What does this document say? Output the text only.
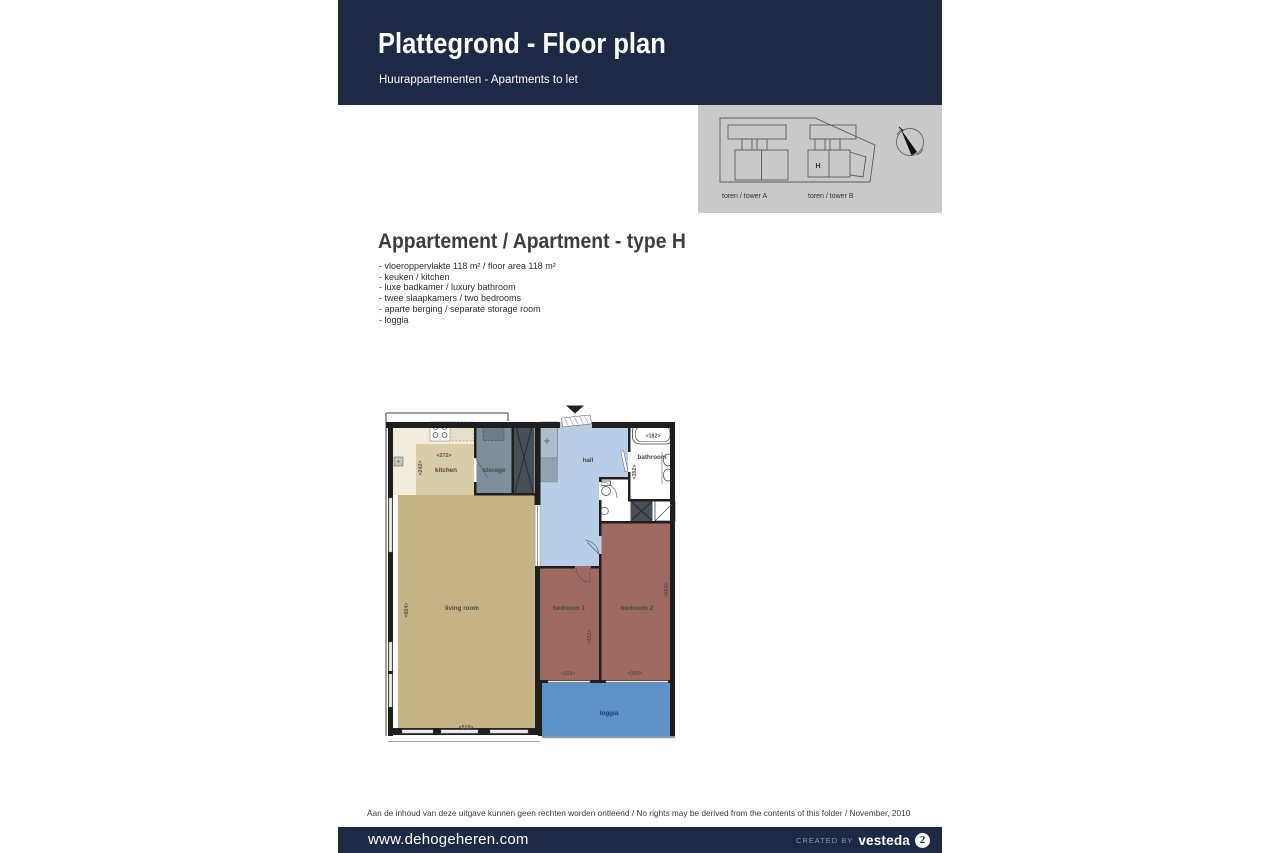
Plattegrond - Floor plan
Huurappartementen - Apartments to let
toren / tower A	toren / tower B
H
Appartement / Apartment - type H
- vloeroppervlakte 118 m² / floor area 118 m²
- keuken / kitchen
- luxe badkamer / luxury bathroom
- twee slaapkamers / two bedrooms
- aparte berging / separate storage room
- loggia
<272>
<242> kitchen	storage
hall
<182>
bathroom
<352>
living room
<924>
<510>
bedroom 1
<432>
<203>
bedroom 2
<604>
<300>
loggia
Aan de inhoud van deze uitgave kunnen geen rechten worden ontleend / No rights may be derived from the contents of this folder / November, 2010
www.dehogeheren.com	CREATED BY vesteda 2
